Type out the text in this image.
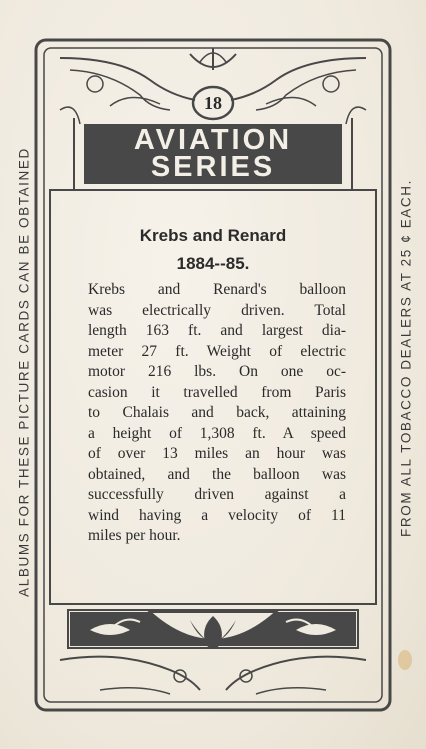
18
AVIATION
SERIES
Krebs and Renard
1884--85.
Krebs and Renard's balloon
was electrically driven. Total
length 163 ft. and largest dia-
meter 27 ft. Weight of electric
motor 216 lbs. On one oc-
casion it travelled from Paris
to Chalais and back, attaining
a height of 1,308 ft. A speed
of over 13 miles an hour was
obtained, and the balloon was
successfully driven against a
wind having a velocity of 11
miles per hour.
ALBUMS FOR THESE PICTURE CARDS CAN BE OBTAINED	FROM ALL TOBACCO DEALERS AT 25 ¢ EACH.
